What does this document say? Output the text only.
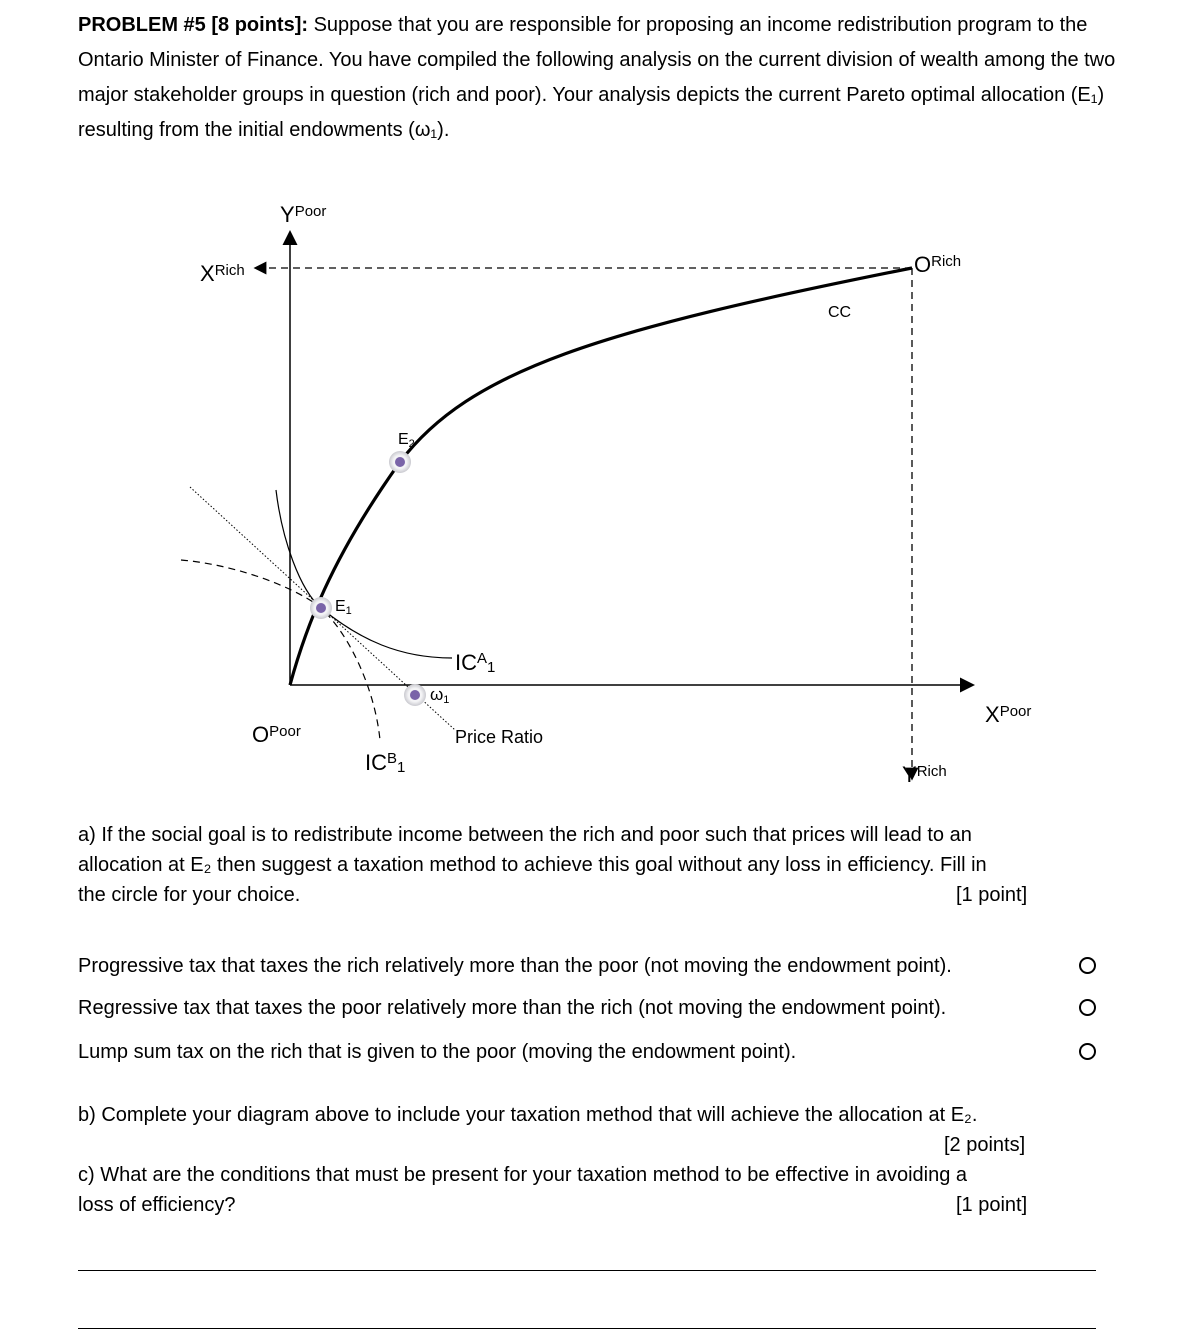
PROBLEM #5 [8 points]: Suppose that you are responsible for proposing an income redistribution program to the Ontario Minister of Finance. You have compiled the following analysis on the current division of wealth among the two major stakeholder groups in question (rich and poor). Your analysis depicts the current Pareto optimal allocation (E₁) resulting from the initial endowments (ω₁).
$Y^{Poor}$
$X^{Rich}$	$O^{Rich}$
CC
$X^{Poor}$
$Y^{Rich}$
$O^{Poor}$
E1
E2
ω1
$IC^A_1$
$IC^B_1$
Price Ratio
a) If the social goal is to redistribute income between the rich and poor such that prices will lead to an
allocation at E₂ then suggest a taxation method to achieve this goal without any loss in efficiency. Fill in
the circle for your choice.	[1 point]
Progressive tax that taxes the rich relatively more than the poor (not moving the endowment point).
Regressive tax that taxes the poor relatively more than the rich (not moving the endowment point).
Lump sum tax on the rich that is given to the poor (moving the endowment point).
b) Complete your diagram above to include your taxation method that will achieve the allocation at E₂.
[2 points]
c) What are the conditions that must be present for your taxation method to be effective in avoiding a
loss of efficiency?	[1 point]
